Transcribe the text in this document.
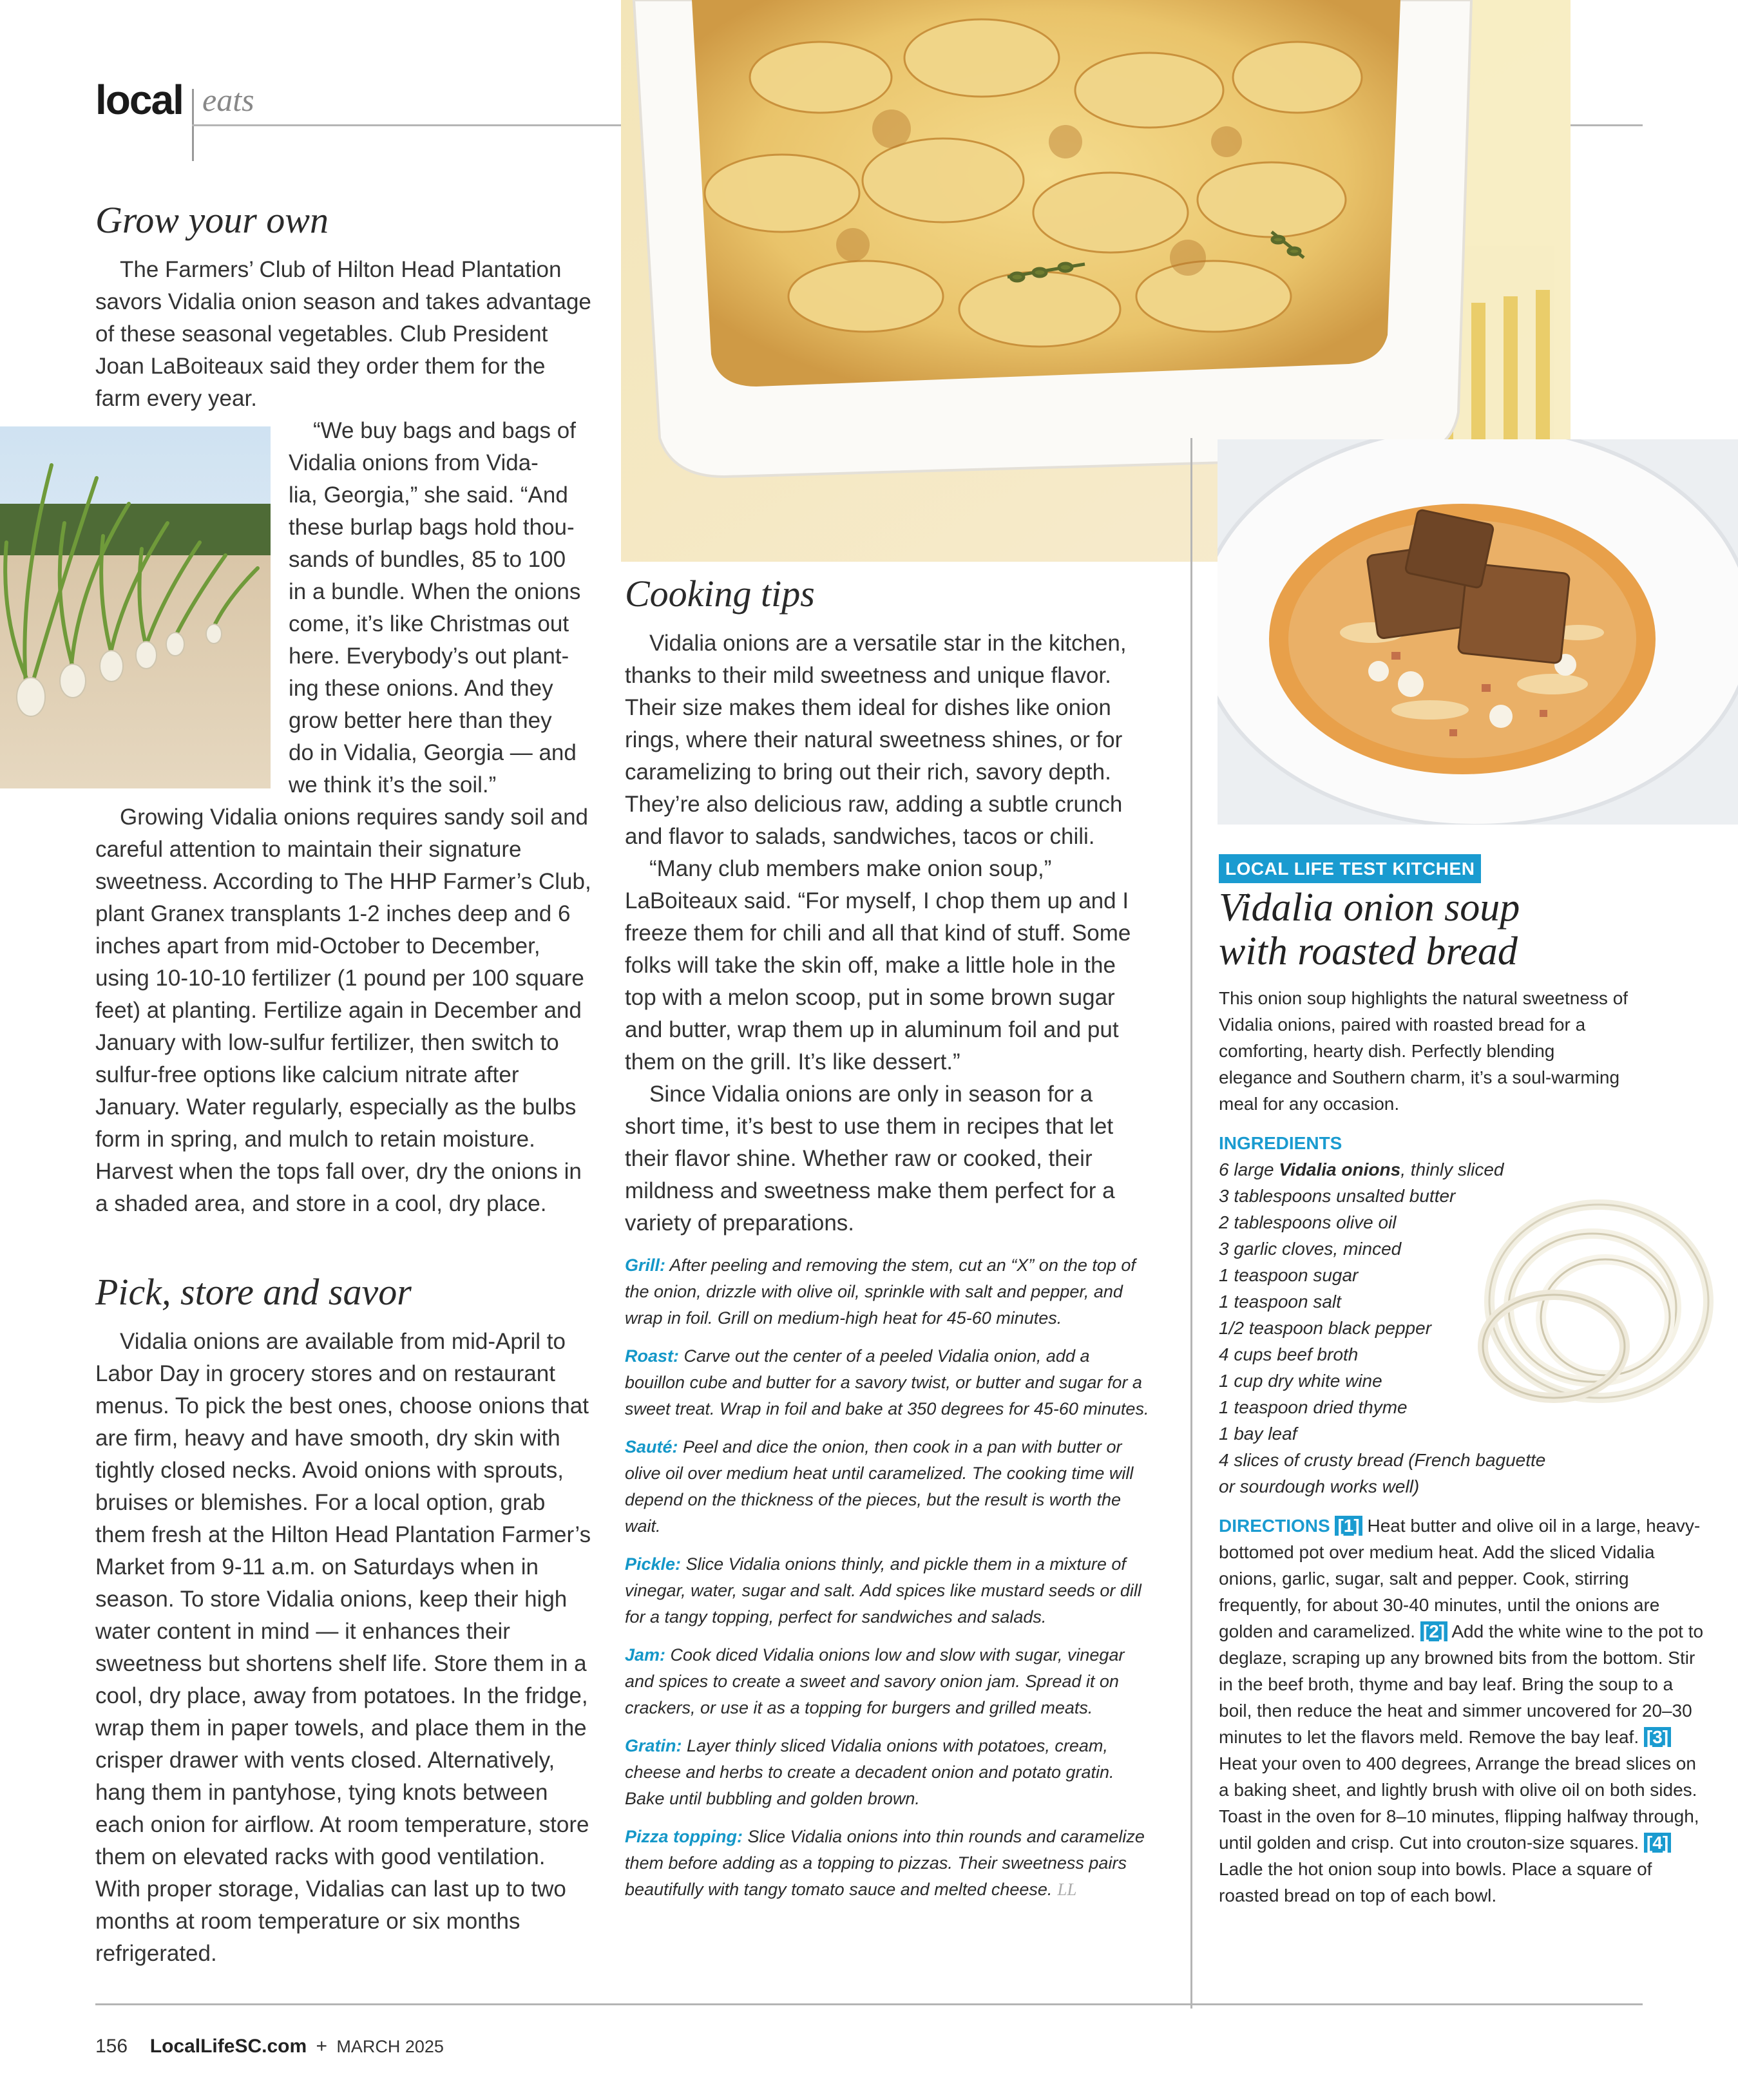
local eats
Grow your own

The Farmers’ Club of Hilton Head Plantation savors Vidalia onion season and takes advantage of these seasonal vegetables. Club President Joan LaBoiteaux said they order them for the farm every year.

“We buy bags and bags of
Vidalia onions from Vida-
lia, Georgia,” she said. “And
these burlap bags hold thou-
sands of bundles, 85 to 100
in a bundle. When the onions
come, it’s like Christmas out
here. Everybody’s out plant-
ing these onions. And they
grow better here than they
do in Vidalia, Georgia — and
we think it’s the soil.”

Growing Vidalia onions requires sandy soil and careful attention to maintain their signature sweetness. According to The HHP Farmer’s Club, plant Granex transplants 1-2 inches deep and 6 inches apart from mid-October to December, using 10-10-10 fertilizer (1 pound per 100 square feet) at planting. Fertilize again in December and January with low-sulfur fertilizer, then switch to sulfur-free options like calcium nitrate after January. Water regularly, especially as the bulbs form in spring, and mulch to retain moisture. Harvest when the tops fall over, dry the onions in a shaded area, and store in a cool, dry place.

Pick, store and savor

Vidalia onions are available from mid-April to Labor Day in grocery stores and on restaurant menus. To pick the best ones, choose onions that are firm, heavy and have smooth, dry skin with tightly closed necks. Avoid onions with sprouts, bruises or blemishes. For a local option, grab them fresh at the Hilton Head Plantation Farmer’s Market from 9-11 a.m. on Saturdays when in season. To store Vidalia onions, keep their high water content in mind — it enhances their sweetness but shortens shelf life. Store them in a cool, dry place, away from potatoes. In the fridge, wrap them in paper towels, and place them in the crisper drawer with vents closed. Alternatively, hang them in pantyhose, tying knots between each onion for airflow. At room temperature, store them on elevated racks with good ventilation. With proper storage, Vidalias can last up to two months at room temperature or six months refrigerated.

Cooking tips

Vidalia onions are a versatile star in the kitchen, thanks to their mild sweetness and unique flavor. Their size makes them ideal for dishes like onion rings, where their natural sweetness shines, or for caramelizing to bring out their rich, savory depth. They’re also delicious raw, adding a subtle crunch and flavor to salads, sandwiches, tacos or chili.

“Many club members make onion soup,” LaBoiteaux said. “For myself, I chop them up and I freeze them for chili and all that kind of stuff. Some folks will take the skin off, make a little hole in the top with a melon scoop, put in some brown sugar and butter, wrap them up in aluminum foil and put them on the grill. It’s like dessert.”

Since Vidalia onions are only in season for a short time, it’s best to use them in recipes that let their flavor shine. Whether raw or cooked, their mildness and sweetness make them perfect for a variety of preparations.

Grill: After peeling and removing the stem, cut an “X” on the top of the onion, drizzle with olive oil, sprinkle with salt and pepper, and wrap in foil. Grill on medium-high heat for 45-60 minutes.

Roast: Carve out the center of a peeled Vidalia onion, add a bouillon cube and butter for a savory twist, or butter and sugar for a sweet treat. Wrap in foil and bake at 350 degrees for 45-60 minutes.

Sauté: Peel and dice the onion, then cook in a pan with butter or olive oil over medium heat until caramelized. The cooking time will depend on the thickness of the pieces, but the result is worth the wait.

Pickle: Slice Vidalia onions thinly, and pickle them in a mixture of vinegar, water, sugar and salt. Add spices like mustard seeds or dill for a tangy topping, perfect for sandwiches and salads.

Jam: Cook diced Vidalia onions low and slow with sugar, vinegar and spices to create a sweet and savory onion jam. Spread it on crackers, or use it as a topping for burgers and grilled meats.

Gratin: Layer thinly sliced Vidalia onions with potatoes, cream, cheese and herbs to create a decadent onion and potato gratin. Bake until bubbling and golden brown.

Pizza topping: Slice Vidalia onions into thin rounds and caramelize them before adding as a topping to pizzas. Their sweetness pairs beautifully with tangy tomato sauce and melted cheese. LL

LOCAL LIFE TEST KITCHEN
Vidalia onion soup with roasted bread
This onion soup highlights the natural sweetness of Vidalia onions, paired with roasted bread for a comforting, hearty dish. Perfectly blending elegance and Southern charm, it’s a soul-warming meal for any occasion.
INGREDIENTS
6 large Vidalia onions, thinly sliced
3 tablespoons unsalted butter
2 tablespoons olive oil
3 garlic cloves, minced
1 teaspoon sugar
1 teaspoon salt
1/2 teaspoon black pepper
4 cups beef broth
1 cup dry white wine
1 teaspoon dried thyme
1 bay leaf
4 slices of crusty bread (French baguette
or sourdough works well)
DIRECTIONS [1] Heat butter and olive oil in a large, heavy-bottomed pot over medium heat. Add the sliced Vidalia onions, garlic, sugar, salt and pepper. Cook, stirring frequently, for about 30-40 minutes, until the onions are golden and caramelized. [2] Add the white wine to the pot to deglaze, scraping up any browned bits from the bottom. Stir in the beef broth, thyme and bay leaf. Bring the soup to a boil, then reduce the heat and simmer uncovered for 20–30 minutes to let the flavors meld. Remove the bay leaf. [3] Heat your oven to 400 degrees, Arrange the bread slices on a baking sheet, and lightly brush with olive oil on both sides. Toast in the oven for 8–10 minutes, flipping halfway through, until golden and crisp. Cut into crouton-size squares. [4] Ladle the hot onion soup into bowls. Place a square of roasted bread on top of each bowl.
156 LocalLifeSC.com + MARCH 2025
